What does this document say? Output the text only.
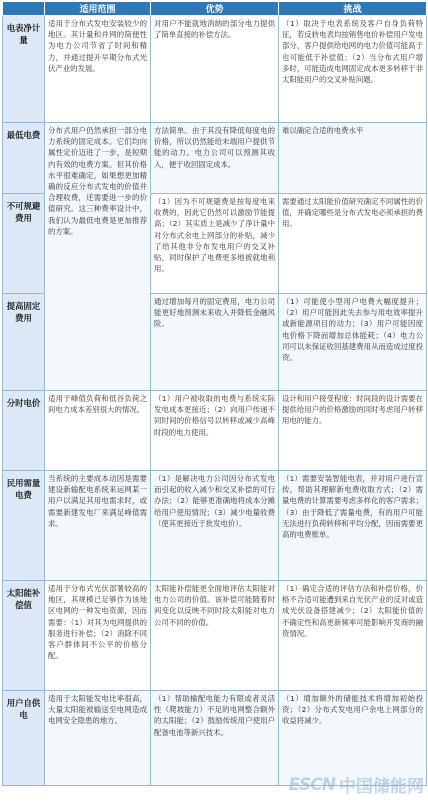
	适用范围	优势	挑战
电表净计量	适用于分布式发电安装较少的地区。其计量和并网的简便性为电力公司节省了时间和精力，并通过提升早期分布式光伏产业的发展。	对用户不能就地消纳的部分电力提供了简单直接的补偿方法。	（1）取决于电表系统及客户自身负荷特征，若反转电表均按销售电价补偿用户发电部分，客户提供给电网的电力价值可能高于也可能低于补偿值；（2）当分布式用户增多时，可能造成电网固定成本更多转移于非太阳能用户的交叉补贴问题。
最低电费	分布式用户仍然承担一部分电力系统的固定成本。它们均向属性定价迈进了一步，是短期内有效的电费方案。但其价格水平很难确定，如果想更加精确的反应分布式发电的价值并合理收费，还需要进一步的价值研究。这三种费率设计中，我们认为最低电费是更加推荐的方案。	方法简单。由于其没有降低每度电的价格，所以仍然能给末端用户提供节能的动力。电力公司可以预测其收入，便于收回固定成本。	难以确定合适的电费水平
不可规避费用		（1）因为不可规避费是按每度电来收费的，因此它仍然可以激励节能提高；（2）其实质上是减少了净计量中对分布式余电上网部分的补贴，减少了给其他非分布发电用户的交叉补贴，同时保护了电费更多地被就地利用。	需要通过太阳能价值研究确定不同属性的价值，并确定哪些是分布式发电必须承担的费用。
提高固定费用		通过增加每月的固定费用，电力公司能更好地预测未来收入并降低金融风险。	（1）可能使小型用户电费大幅度提升；（2）用户可能因此失去参与用电效率提升或新能源项目的动力；（3）用户可能因度电价格下降而增加总体能耗；（4）电力公司可以未保证收回基建费用从而造成过度投资。
分时电价	适用于峰值负荷和低谷负荷之间电力成本差别很大的情况。	（1）用户被收取的电费与系统实际发电成本更接近；（2）向用户传递不同时间的价格信号以转移或减少高峰时段的电力使用。	设计和用户接受程度：时间段的设计需要在提供给用户的价格激励的同时考虑用户转移用电的能力。
民用需量电费	当系统的主要成本动因是需要建设新输配电系统来运网某一用户以满足其用电需求时，或需要新建发电厂来满足峰值需求。	（1）是解决电力公司因分布式发电而引起的收入减少和交叉补偿的可行办法；（2）能够更准确地将成本分摊给用户使用情况；（3）减少电量收费（使其更接近于批发电价）。	（1）需要安装智能电表，并对用户进行宣传，帮助其理解新电费收取方式；（2）需量电费的计算需要考虑多样化的客户需求；（3）由于降低了需量电费，有的用户可能无法进行负荷转移和平均分配，因而需要更高的电费账单。
太阳能补偿值	适用于分布式光伏部署较高的地区，其规模已足够作为该地区电网的一种发电资源，因而需要：（1）对其为电网提供的服务进行补偿；（2）消除不同客户群体间不公平的价格分配。	太阳能补偿能更全面地评估太阳能对电力公司的价值。该补偿可能随着时间变化以反映不同时段太阳能对电力公司不同的价值。	（1）确定合适的评估方法和补偿价格，价格不合适可能遭到来自光伏产业的反对或造成光伏设备搭建减少；（2）太阳能价值的不确定性和高更新频率可能影响开发商的融资情况。
用户自供电	适用于太阳能发电比率很高，大量太阳能被输送至电网造成电网安全隐患的地方。	（1）帮助输配电能力有限或者灵活性（爬坡能力）不足的电网整合额外的太阳能；（2）鼓励传统用户使用户配备电池等新兴技术。	（1）增加额外的储能技术将增加初始投资；（2）分布式发电用户余电上网部分的收益将减少。
ESCN 中国储能网
